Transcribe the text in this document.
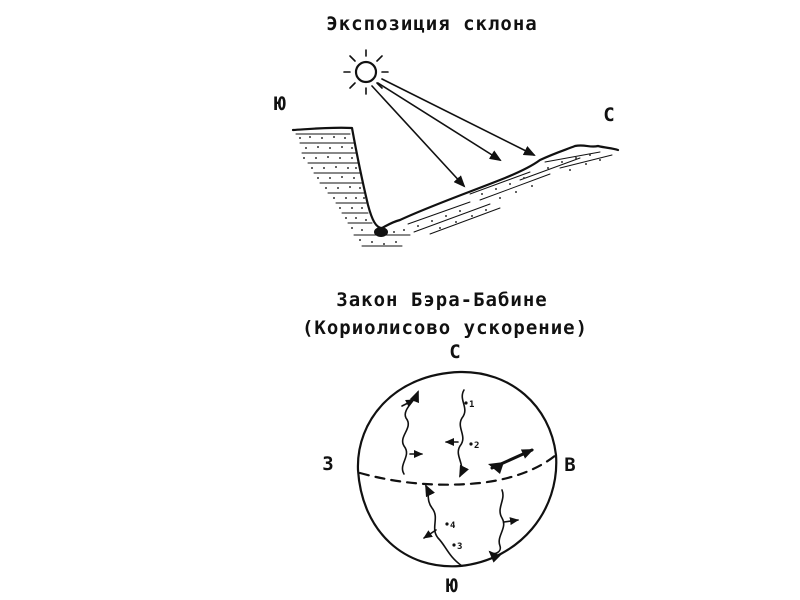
Экспозиция склона
Ю	С
Закон Бэра-Бабине
(Кориолисово ускорение)
С
Ю
З	В
1
2
3
4
